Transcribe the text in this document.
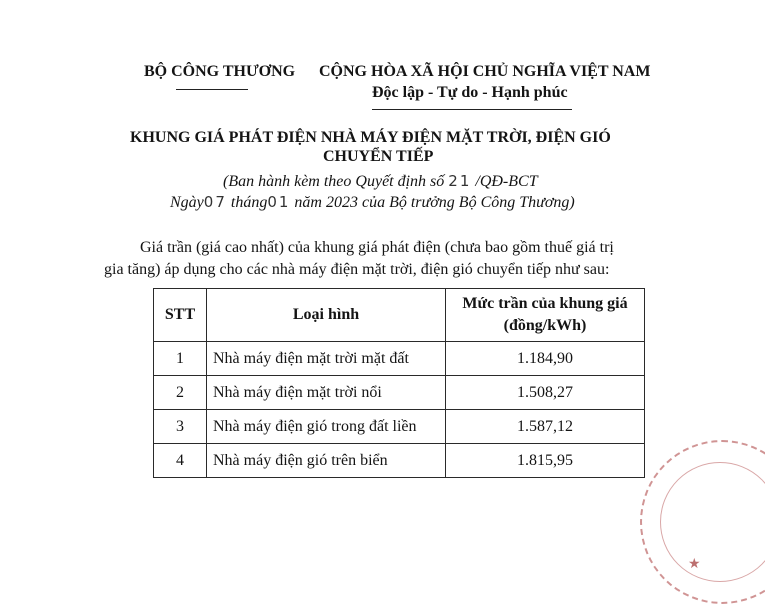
BỘ CÔNG THƯƠNG CỘNG HÒA XÃ HỘI CHỦ NGHĨA VIỆT NAM
Độc lập - Tự do - Hạnh phúc
KHUNG GIÁ PHÁT ĐIỆN NHÀ MÁY ĐIỆN MẶT TRỜI, ĐIỆN GIÓ
CHUYỂN TIẾP
(Ban hành kèm theo Quyết định số 21 /QĐ-BCT
Ngày07 tháng01 năm 2023 của Bộ trưởng Bộ Công Thương)
Giá trần (giá cao nhất) của khung giá phát điện (chưa bao gồm thuế giá trị
gia tăng) áp dụng cho các nhà máy điện mặt trời, điện gió chuyển tiếp như sau:
STT	Loại hình	Mức trần của khung giá
(đồng/kWh)

1	Nhà máy điện mặt trời mặt đất	1.184,90
2	Nhà máy điện mặt trời nổi	1.508,27
3	Nhà máy điện gió trong đất liền	1.587,12
4	Nhà máy điện gió trên biển	1.815,95
★
